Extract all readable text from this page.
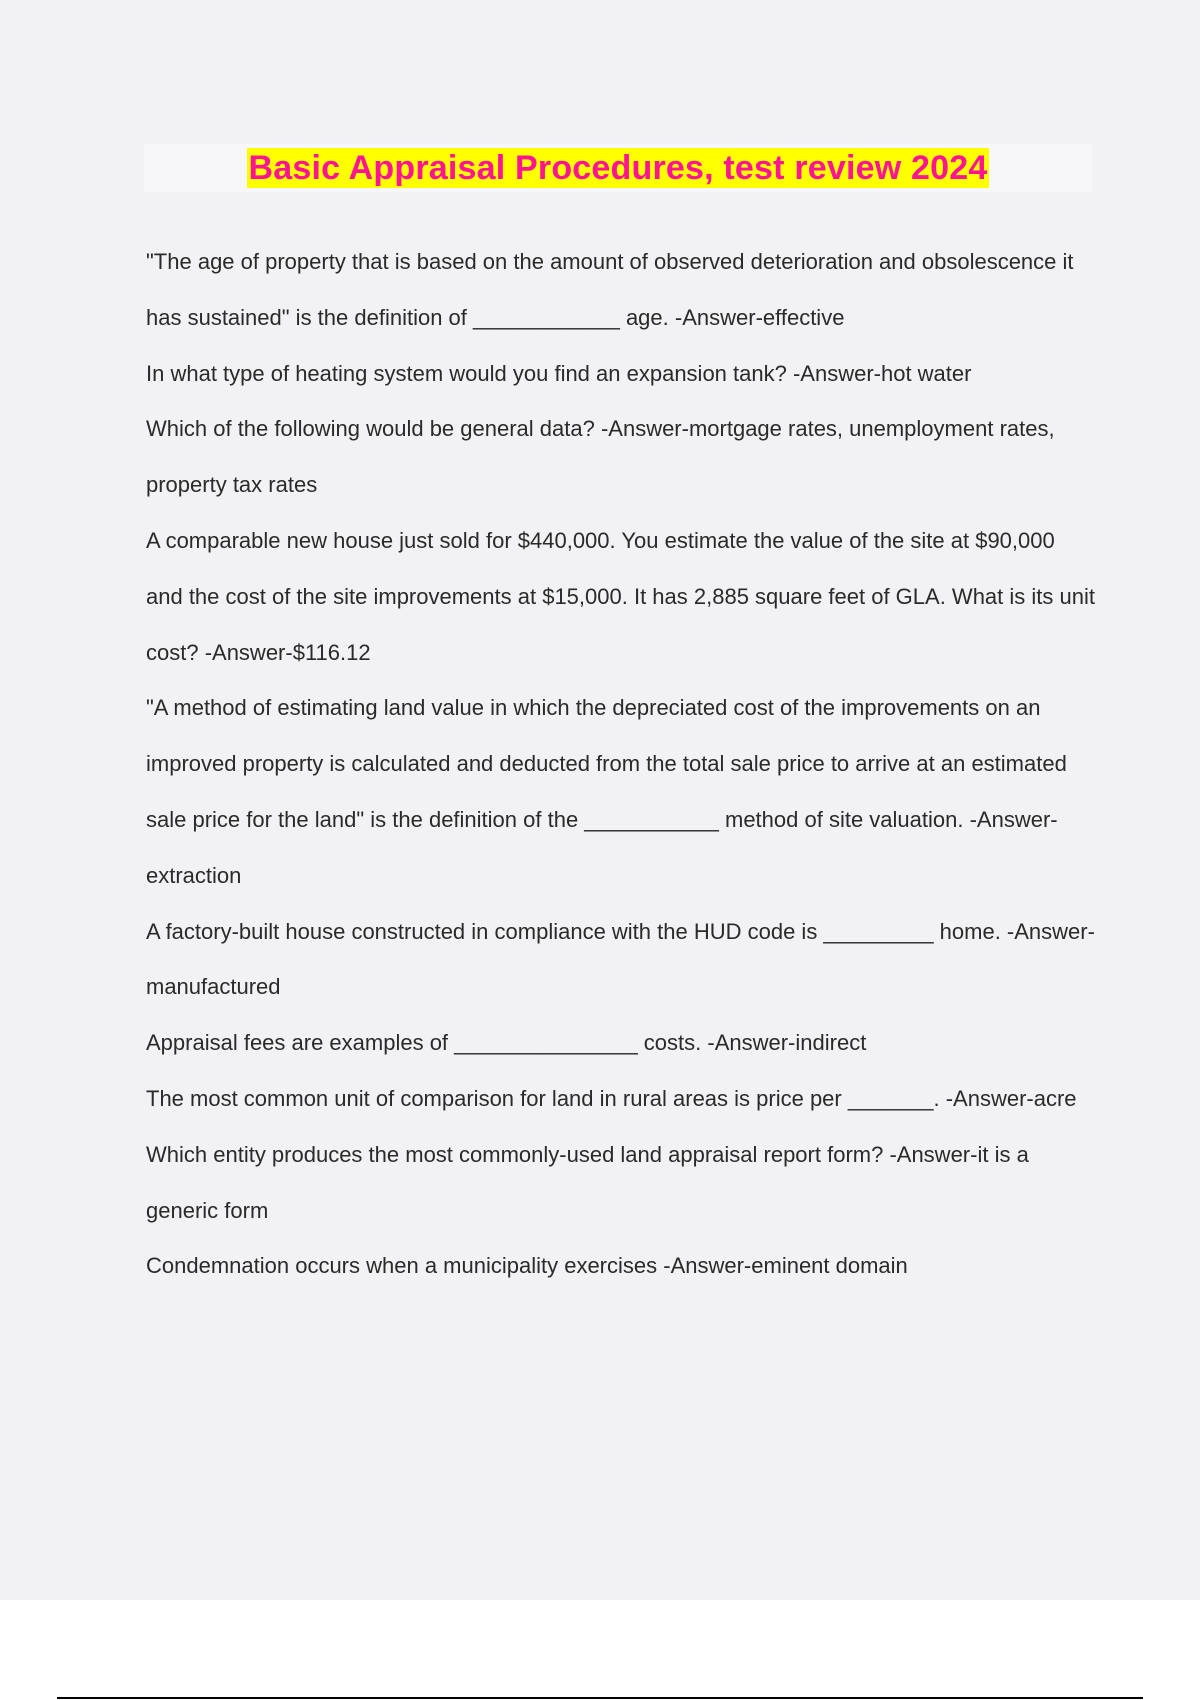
Basic Appraisal Procedures, test review 2024

"The age of property that is based on the amount of observed deterioration and obsolescence it has sustained" is the definition of ____________ age. -Answer-effective

In what type of heating system would you find an expansion tank? -Answer-hot water

Which of the following would be general data? -Answer-mortgage rates, unemployment rates, property tax rates

A comparable new house just sold for $440,000. You estimate the value of the site at $90,000 and the cost of the site improvements at $15,000. It has 2,885 square feet of GLA. What is its unit cost? -Answer-$116.12

"A method of estimating land value in which the depreciated cost of the improvements on an improved property is calculated and deducted from the total sale price to arrive at an estimated sale price for the land" is the definition of the ___________ method of site valuation. -Answer-extraction

A factory-built house constructed in compliance with the HUD code is _________ home. -Answer-manufactured

Appraisal fees are examples of _______________ costs. -Answer-indirect

The most common unit of comparison for land in rural areas is price per _______. -Answer-acre

Which entity produces the most commonly-used land appraisal report form? -Answer-it is a generic form

Condemnation occurs when a municipality exercises -Answer-eminent domain
